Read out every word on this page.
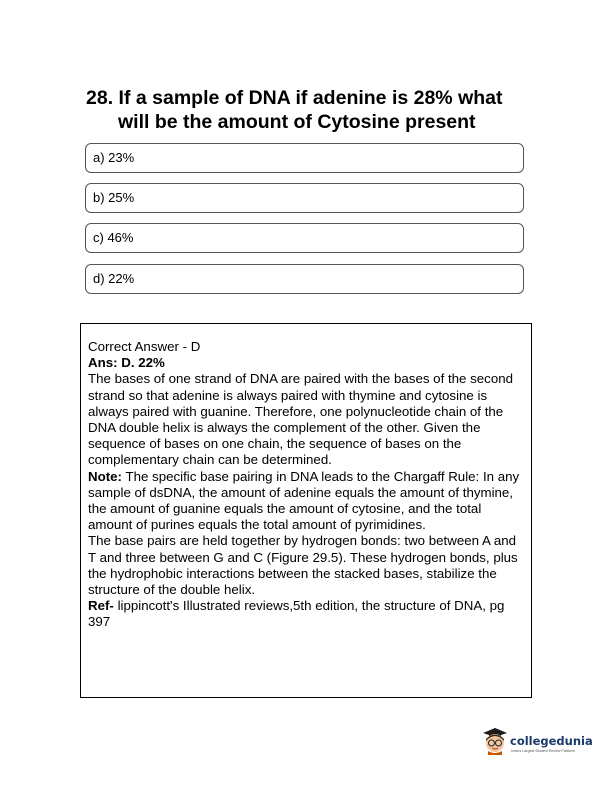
28. If a sample of DNA if adenine is 28% what
will be the amount of Cytosine present
a) 23%
b) 25%
c) 46%
d) 22%

Correct Answer - D

Ans: D. 22%

The bases of one strand of DNA are paired with the bases of the second strand so that adenine is always paired with thymine and cytosine is always paired with guanine. Therefore, one polynucleotide chain of the DNA double helix is always the complement of the other. Given the sequence of bases on one chain, the sequence of bases on the complementary chain can be determined.

Note: The specific base pairing in DNA leads to the Chargaff Rule: In any sample of dsDNA, the amount of adenine equals the amount of thymine, the amount of guanine equals the amount of cytosine, and the total amount of purines equals the total amount of pyrimidines.

The base pairs are held together by hydrogen bonds: two between A and T and three between G and C (Figure 29.5). These hydrogen bonds, plus the hydrophobic interactions between the stacked bases, stabilize the structure of the double helix.

Ref- lippincott's Illustrated reviews,5th edition, the structure of DNA, pg 397

collegedunia
India's Largest Student Review Platform
